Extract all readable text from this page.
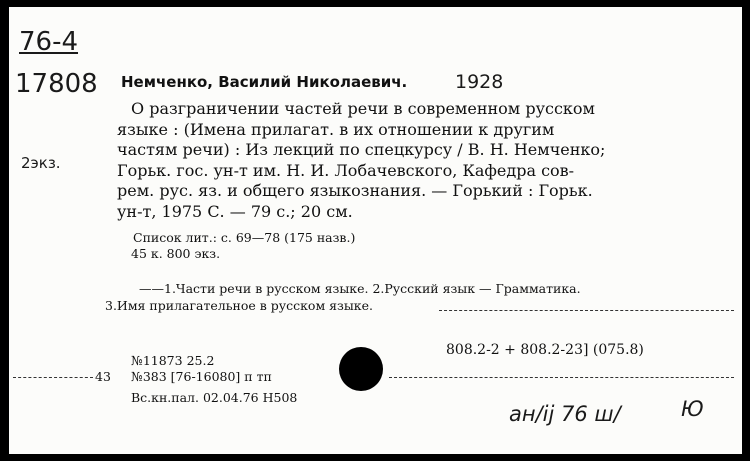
76-4
17808	1928
2экз.
Немченко, Василий Николаевич.
О разграничении частей речи в современном русском
языке : (Имена прилагат. в их отношении к другим
частям речи) : Из лекций по спецкурсу / В. Н. Немченко;
Горьк. гос. ун-т им. Н. И. Лобачевского, Кафедра сов-
рем. рус. яз. и общего языкознания. — Горький : Горьк.
ун-т, 1975 С. — 79 с.; 20 см.
Список лит.: с. 69—78 (175 назв.)
45 к. 800 экз.
——1.Части речи в русском языке. 2.Русский язык — Грамматика.
3.Имя прилагательное в русском языке.
808.2-2 + 808.2-23] (075.8)
№11873 25.2
43
Вс.кн.пал. 02.04.76 Н508
№383 [76-16080] п тп
ан/ij 76 ш/	Ю
